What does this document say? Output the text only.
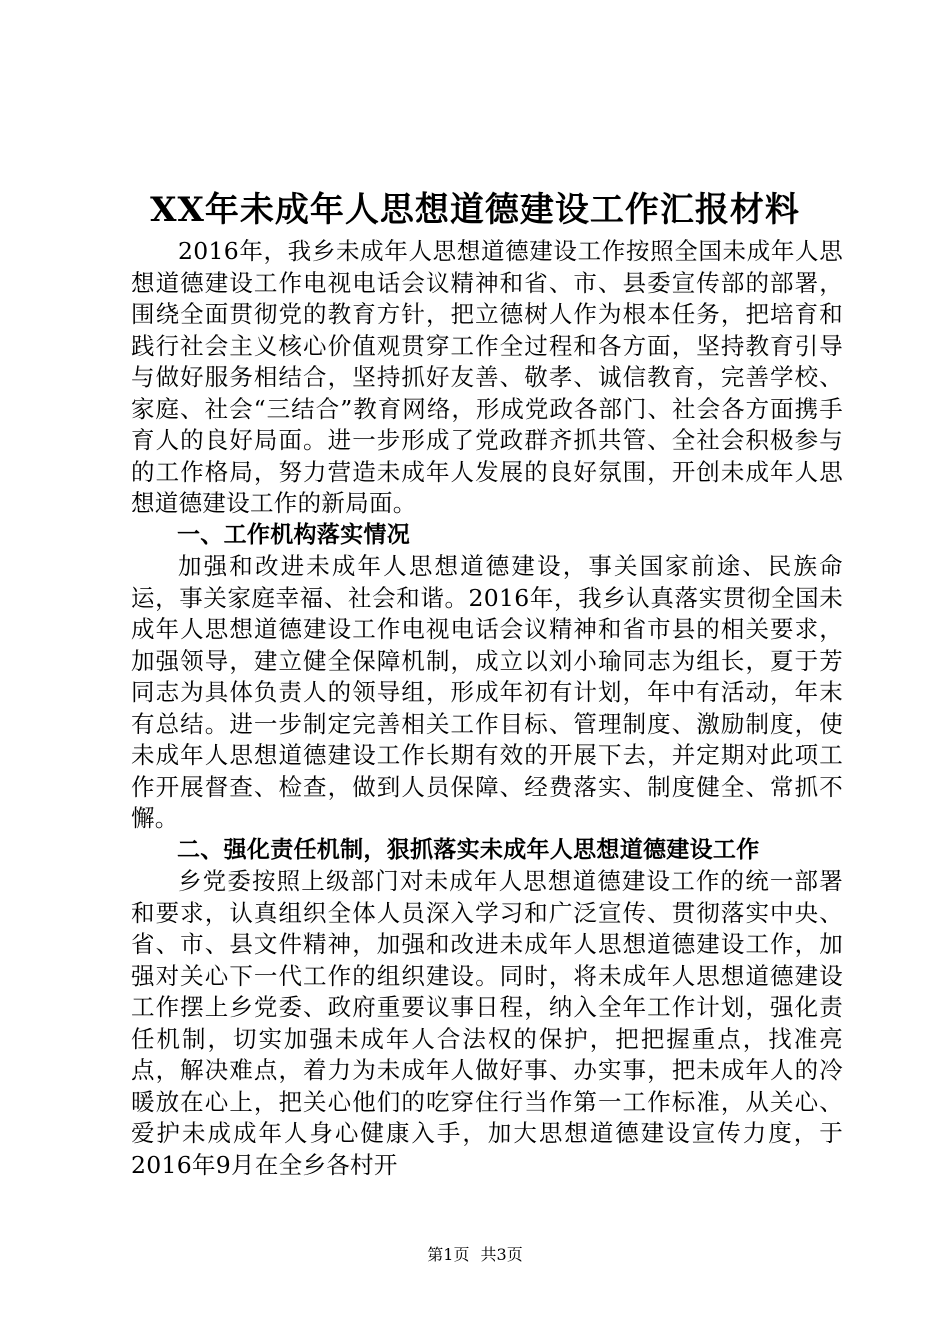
XX年未成年人思想道德建设工作汇报材料

2016年，我乡未成年人思想道德建设工作按照全国未成年人思想道德建设工作电视电话会议精神和省、市、县委宣传部的部署，围绕全面贯彻党的教育方针，把立德树人作为根本任务，把培育和践行社会主义核心价值观贯穿工作全过程和各方面，坚持教育引导与做好服务相结合，坚持抓好友善、敬孝、诚信教育，完善学校、家庭、社会“三结合”教育网络，形成党政各部门、社会各方面携手育人的良好局面。进一步形成了党政群齐抓共管、全社会积极参与的工作格局，努力营造未成年人发展的良好氛围，开创未成年人思想道德建设工作的新局面。

一、工作机构落实情况

加强和改进未成年人思想道德建设，事关国家前途、民族命运，事关家庭幸福、社会和谐。2016年，我乡认真落实贯彻全国未成年人思想道德建设工作电视电话会议精神和省市县的相关要求，加强领导，建立健全保障机制，成立以刘小瑜同志为组长，夏于芳同志为具体负责人的领导组，形成年初有计划，年中有活动，年末有总结。进一步制定完善相关工作目标、管理制度、激励制度，使未成年人思想道德建设工作长期有效的开展下去，并定期对此项工作开展督查、检查，做到人员保障、经费落实、制度健全、常抓不懈。

二、强化责任机制，狠抓落实未成年人思想道德建设工作

乡党委按照上级部门对未成年人思想道德建设工作的统一部署和要求，认真组织全体人员深入学习和广泛宣传、贯彻落实中央、省、市、县文件精神，加强和改进未成年人思想道德建设工作，加强对关心下一代工作的组织建设。同时，将未成年人思想道德建设工作摆上乡党委、政府重要议事日程，纳入全年工作计划，强化责任机制，切实加强未成年人合法权的保护，把把握重点，找准亮点，解决难点，着力为未成年人做好事、办实事，把未成年人的冷暖放在心上，把关心他们的吃穿住行当作第一工作标准，从关心、爱护未成成年人身心健康入手，加大思想道德建设宣传力度，于2016年9月在全乡各村开

第1页 共3页
